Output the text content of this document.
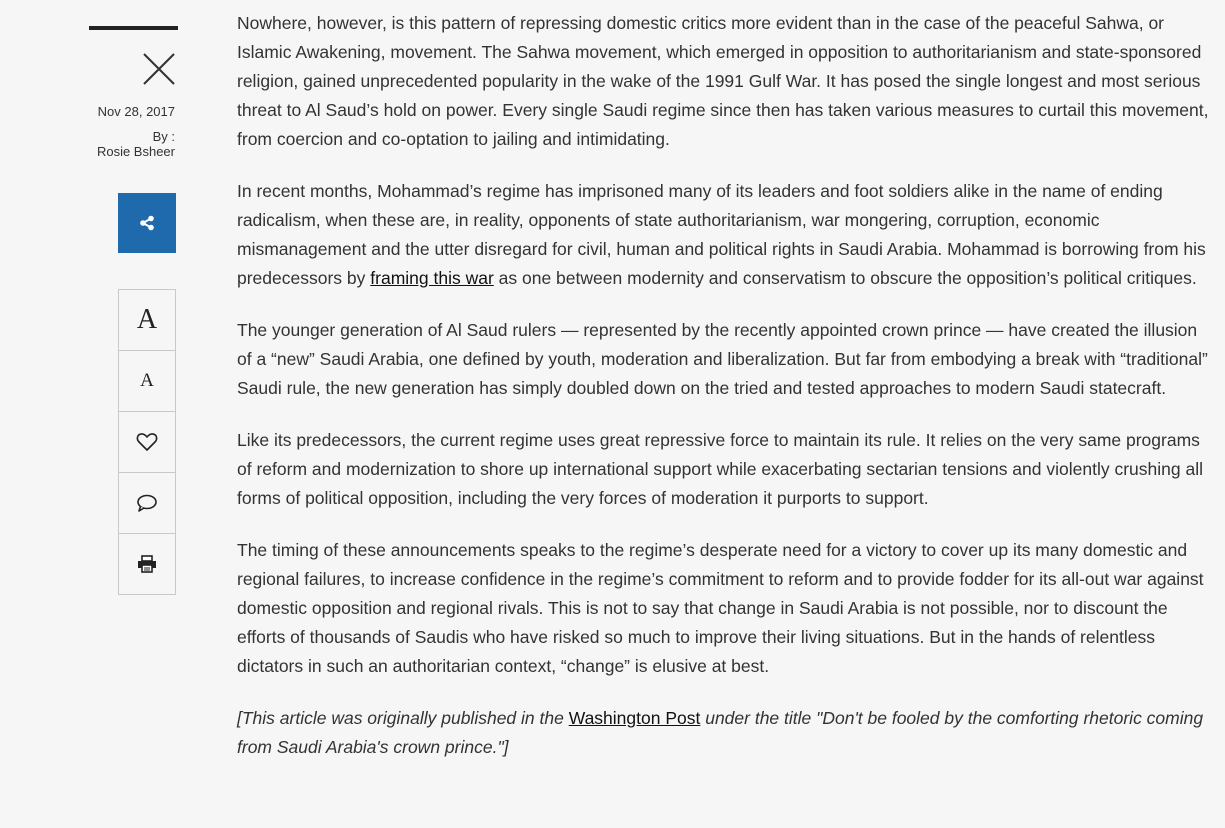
Nov 28, 2017
By :
Rosie Bsheer
A
A

Nowhere, however, is this pattern of repressing domestic critics more evident than in the case of the peaceful Sahwa, or Islamic Awakening, movement. The Sahwa movement, which emerged in opposition to authoritarianism and state-sponsored religion, gained unprecedented popularity in the wake of the 1991 Gulf War. It has posed the single longest and most serious threat to Al Saud’s hold on power. Every single Saudi regime since then has taken various measures to curtail this movement, from coercion and co-optation to jailing and intimidating.

In recent months, Mohammad’s regime has imprisoned many of its leaders and foot soldiers alike in the name of ending radicalism, when these are, in reality, opponents of state authoritarianism, war mongering, corruption, economic mismanagement and the utter disregard for civil, human and political rights in Saudi Arabia. Mohammad is borrowing from his predecessors by framing this war as one between modernity and conservatism to obscure the opposition’s political critiques.

The younger generation of Al Saud rulers — represented by the recently appointed crown prince — have created the illusion of a “new” Saudi Arabia, one defined by youth, moderation and liberalization. But far from embodying a break with “traditional” Saudi rule, the new generation has simply doubled down on the tried and tested approaches to modern Saudi statecraft.

Like its predecessors, the current regime uses great repressive force to maintain its rule. It relies on the very same programs of reform and modernization to shore up international support while exacerbating sectarian tensions and violently crushing all forms of political opposition, including the very forces of moderation it purports to support.

The timing of these announcements speaks to the regime’s desperate need for a victory to cover up its many domestic and regional failures, to increase confidence in the regime’s commitment to reform and to provide fodder for its all-out war against domestic opposition and regional rivals. This is not to say that change in Saudi Arabia is not possible, nor to discount the efforts of thousands of Saudis who have risked so much to improve their living situations. But in the hands of relentless dictators in such an authoritarian context, “change” is elusive at best.

[This article was originally published in the Washington Post under the title "Don't be fooled by the comforting rhetoric coming from Saudi Arabia's crown prince."]
